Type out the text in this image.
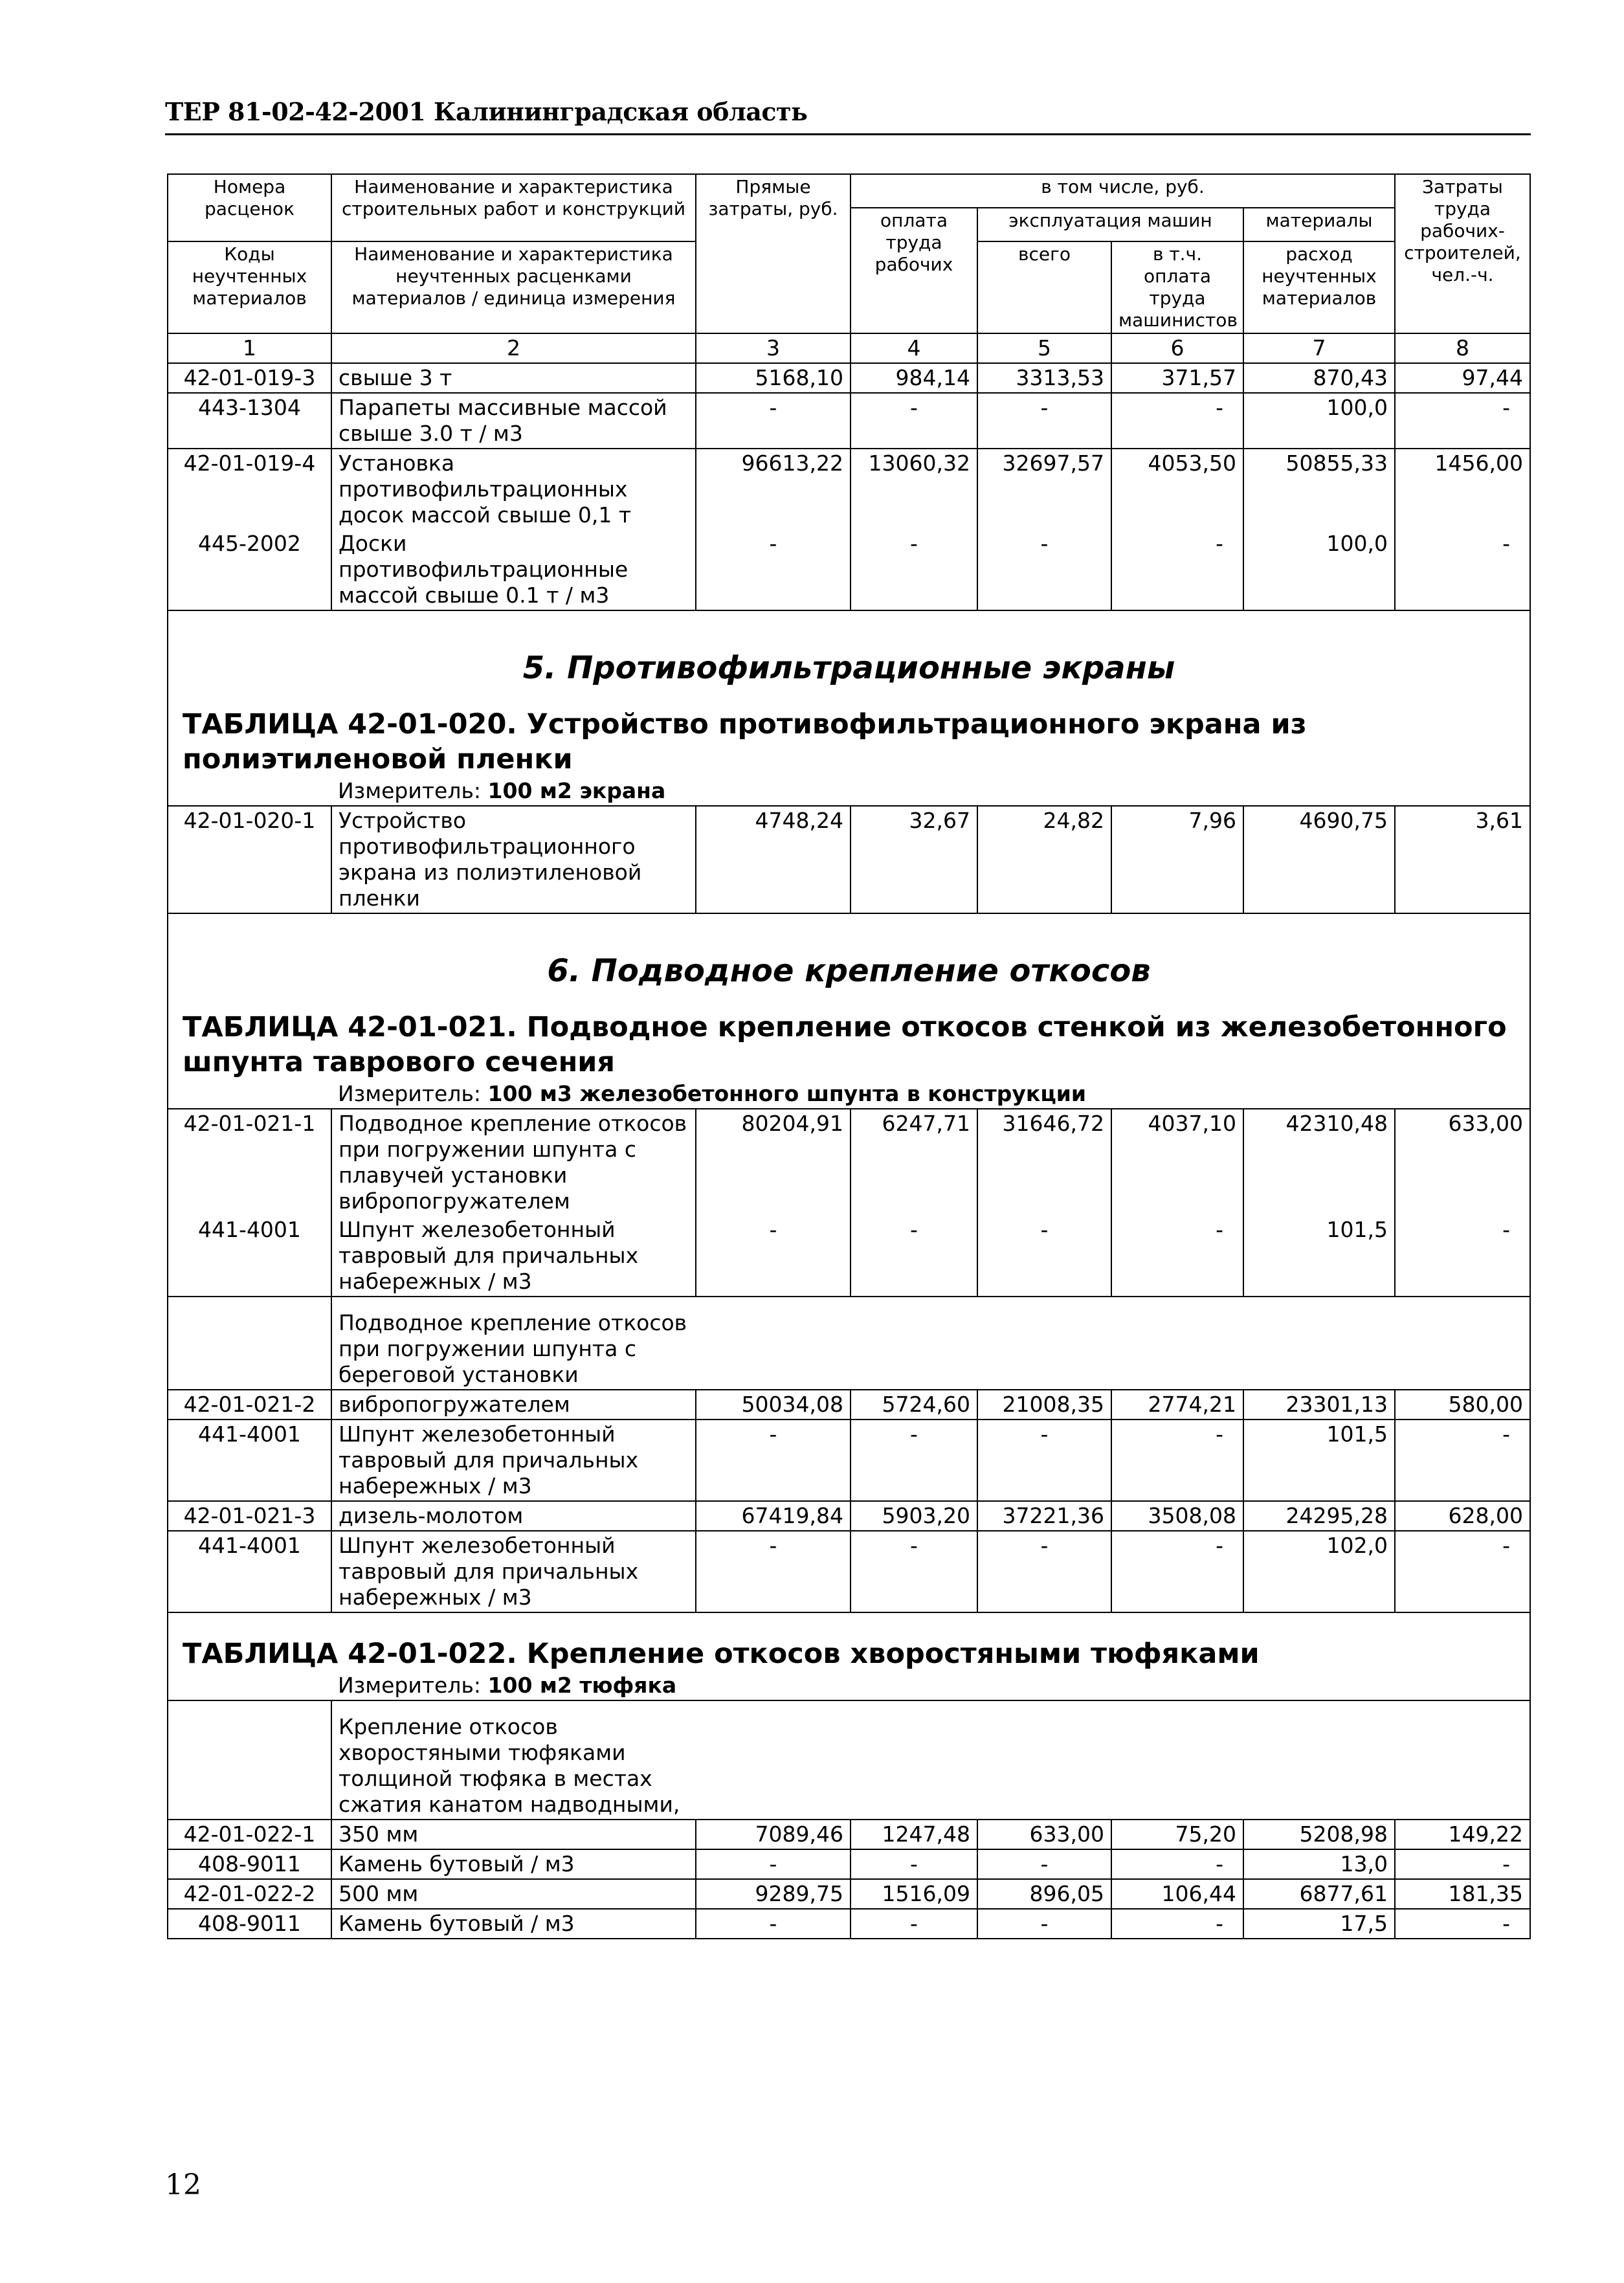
ТЕР 81-02-42-2001 Калининградская область
Номера расценок	Наименование и характеристика строительных работ и конструкций	Прямые затраты, руб.	в том числе, руб.				Затраты труда рабочих-строителей, чел.-ч.
			оплата труда рабочих	эксплуатация машин		материалы	
Коды неучтенных материалов	Наименование и характеристика неучтенных расценками материалов / единица измерения			всего	в т.ч. оплата труда машинистов	расход неучтенных материалов	

1	2	3	4	5	6	7	8
42-01-019-3	свыше 3 т	5168,10	984,14	3313,53	371,57	870,43	97,44
443-1304	Парапеты массивные массой свыше 3.0 т / м3	-	-	-	-	100,0	-
42-01-019-4	Установка противофильтрационных досок массой свыше 0,1 т	96613,22	13060,32	32697,57	4053,50	50855,33	1456,00
445-2002	Доски противофильтрационные массой свыше 0.1 т / м3	-	-	-	-	100,0	-

5. Противофильтрационные экраны
ТАБЛИЦА 42-01-020. Устройство противофильтрационного экрана из полиэтиленовой пленки							

Измеритель: 100 м2 экрана							

42-01-020-1	Устройство противофильтрационного экрана из полиэтиленовой пленки	4748,24	32,67	24,82	7,96	4690,75	3,61

6. Подводное крепление откосов
ТАБЛИЦА 42-01-021. Подводное крепление откосов стенкой из железобетонного шпунта таврового сечения							

Измеритель: 100 м3 железобетонного шпунта в конструкции							

42-01-021-1	Подводное крепление откосов при погружении шпунта с плавучей установки вибропогружателем	80204,91	6247,71	31646,72	4037,10	42310,48	633,00
441-4001	Шпунт железобетонный тавровый для причальных набережных / м3	-	-	-	-	101,5	-

	Подводное крепление откосов при погружении шпунта с береговой установки						

42-01-021-2	вибропогружателем	50034,08	5724,60	21008,35	2774,21	23301,13	580,00
441-4001	Шпунт железобетонный тавровый для причальных набережных / м3	-	-	-	-	101,5	-
42-01-021-3	дизель-молотом	67419,84	5903,20	37221,36	3508,08	24295,28	628,00
441-4001	Шпунт железобетонный тавровый для причальных набережных / м3	-	-	-	-	102,0	-

ТАБЛИЦА 42-01-022. Крепление откосов хворостяными тюфяками							

Измеритель: 100 м2 тюфяка							

	Крепление откосов хворостяными тюфяками толщиной тюфяка в местах сжатия канатом надводными,						

42-01-022-1	350 мм	7089,46	1247,48	633,00	75,20	5208,98	149,22
408-9011	Камень бутовый / м3	-	-	-	-	13,0	-
42-01-022-2	500 мм	9289,75	1516,09	896,05	106,44	6877,61	181,35
408-9011	Камень бутовый / м3	-	-	-	-	17,5	-
12
